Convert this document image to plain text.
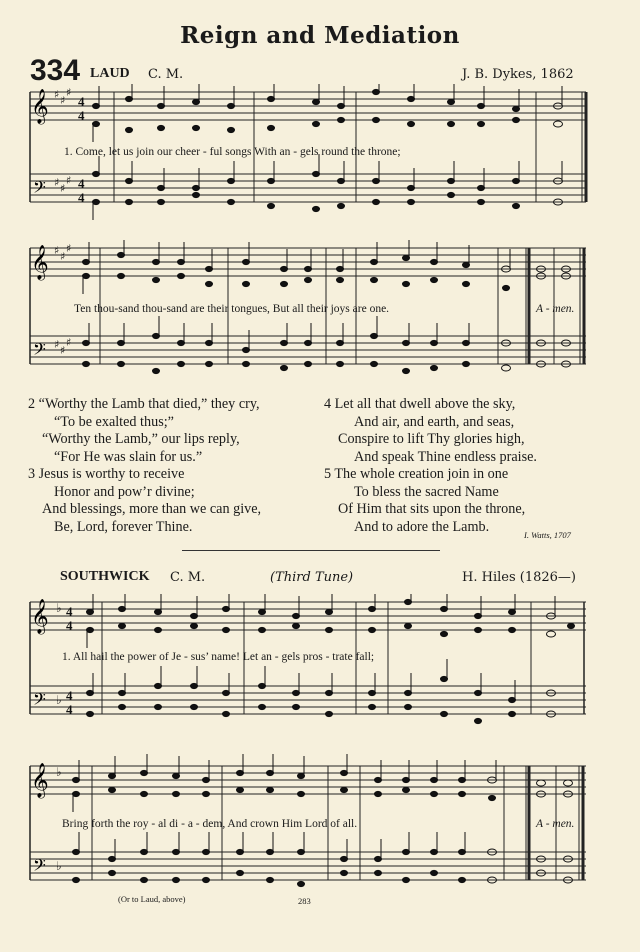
Reign and Mediation
334 LAUD C. M.	J. B. Dykes, 1862
𝄞
𝄢
♯ ♯
♯
♯ ♯
♯
4
4
4
4
1. Come, let us join our cheer - ful songs With an - gels round the throne;
𝄞
𝄢
♯ ♯
♯
♯ ♯
♯
Ten thou-sand thou-sand are their tongues, But all their joys are one.	A - men.
2 “Worthy the Lamb that died,” they cry,
“To be exalted thus;”
“Worthy the Lamb,” our lips reply,
“For He was slain for us.”
3 Jesus is worthy to receive
Honor and pow’r divine;
And blessings, more than we can give,
Be, Lord, forever Thine.
4 Let all that dwell above the sky,
And air, and earth, and seas,
Conspire to lift Thy glories high,
And speak Thine endless praise.
5 The whole creation join in one
To bless the sacred Name
Of Him that sits upon the throne,
And to adore the Lamb.
I. Watts, 1707
SOUTHWICK C. M.	(Third Tune)	H. Hiles (1826—)
𝄞
𝄢
♭
♭
4
4
4
4
1. All hail the power of Je - sus’ name! Let an - gels pros - trate fall;
𝄞
𝄢
♭
♭
Bring forth the roy - al di - a - dem, And crown Him Lord of all.	A - men.
(Or to Laud, above)	283
